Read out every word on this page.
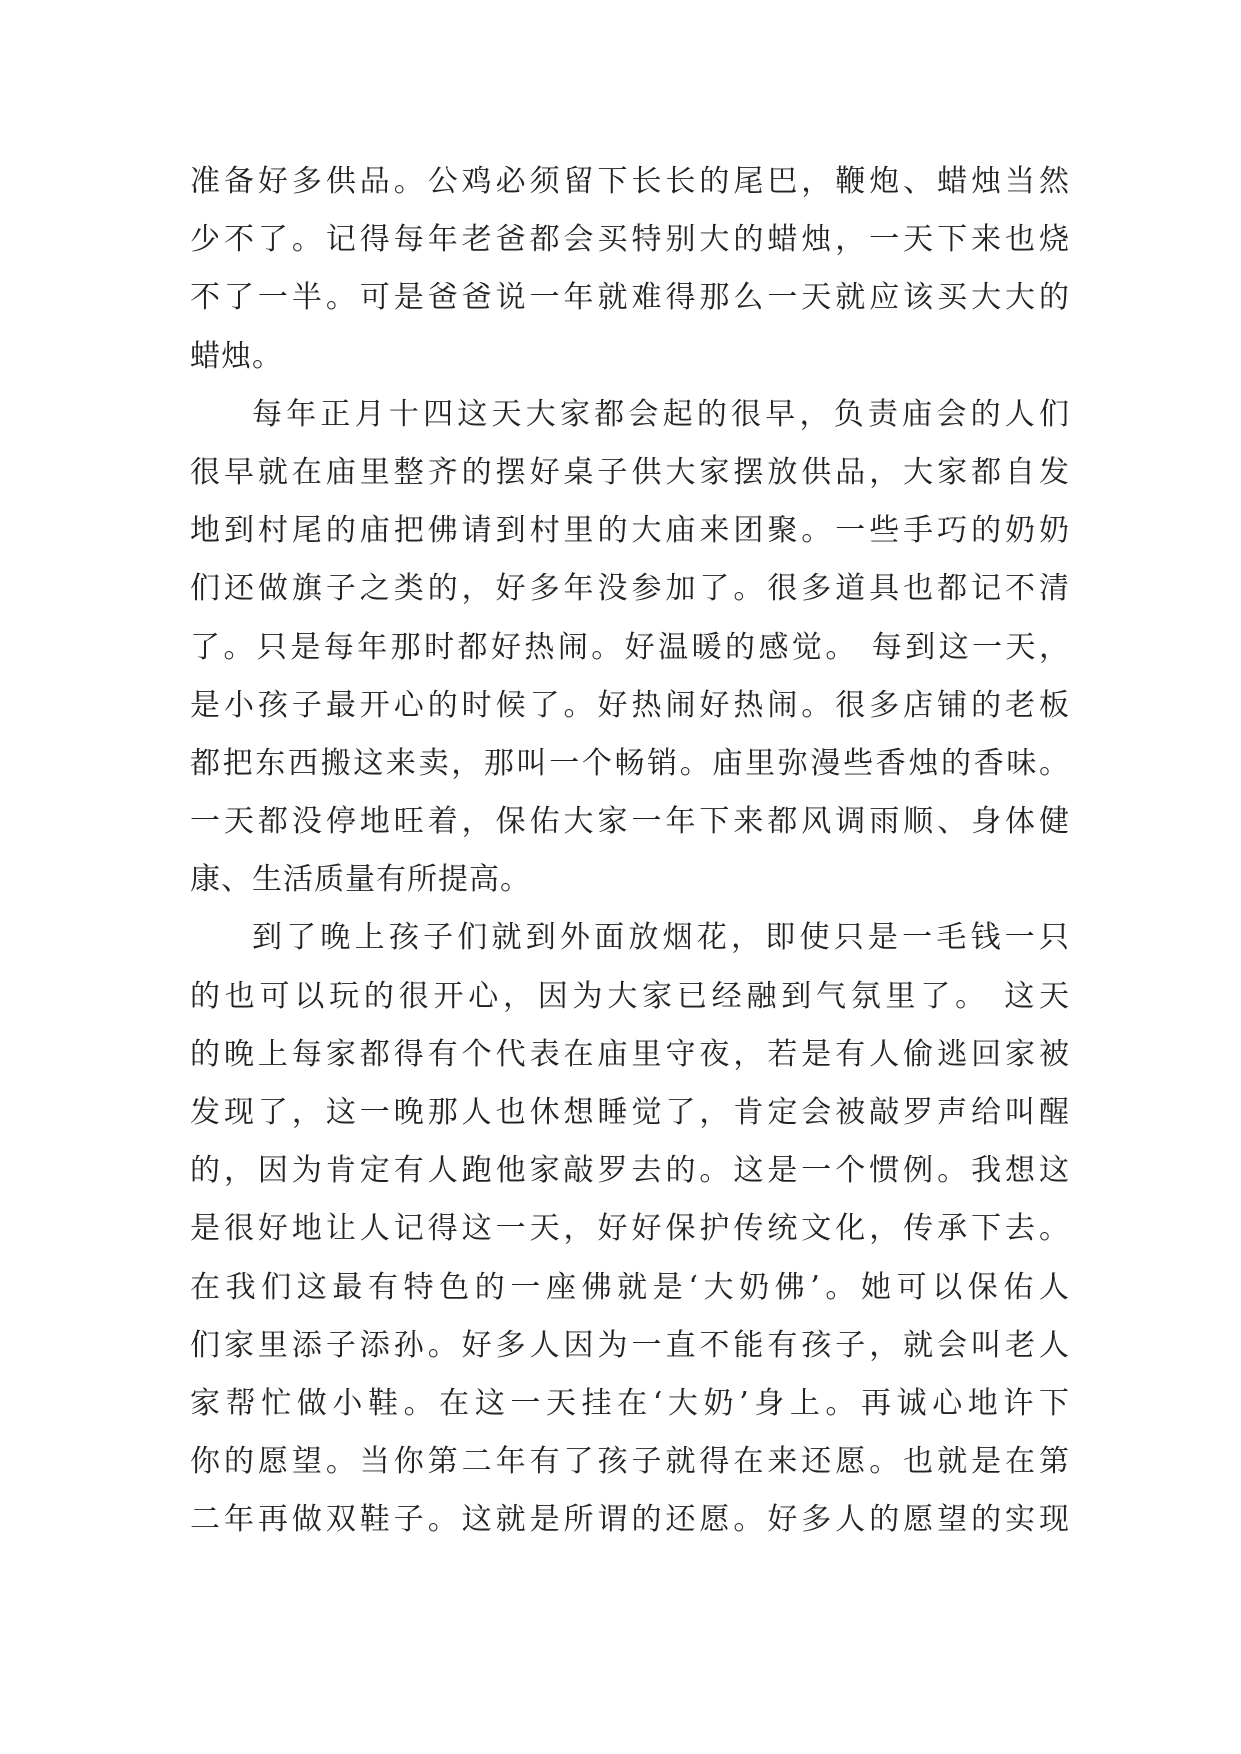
准备好多供品。公鸡必须留下长长的尾巴，鞭炮、蜡烛当然
少不了。记得每年老爸都会买特别大的蜡烛，一天下来也烧
不了一半。可是爸爸说一年就难得那么一天就应该买大大的
蜡烛。
每年正月十四这天大家都会起的很早，负责庙会的人们
很早就在庙里整齐的摆好桌子供大家摆放供品，大家都自发
地到村尾的庙把佛请到村里的大庙来团聚。一些手巧的奶奶
们还做旗子之类的，好多年没参加了。很多道具也都记不清
了。只是每年那时都好热闹。好温暖的感觉。 每到这一天，
是小孩子最开心的时候了。好热闹好热闹。很多店铺的老板
都把东西搬这来卖，那叫一个畅销。庙里弥漫些香烛的香味。
一天都没停地旺着，保佑大家一年下来都风调雨顺、身体健
康、生活质量有所提高。
到了晚上孩子们就到外面放烟花，即使只是一毛钱一只
的也可以玩的很开心，因为大家已经融到气氛里了。 这天
的晚上每家都得有个代表在庙里守夜，若是有人偷逃回家被
发现了，这一晚那人也休想睡觉了，肯定会被敲罗声给叫醒
的，因为肯定有人跑他家敲罗去的。这是一个惯例。我想这
是很好地让人记得这一天，好好保护传统文化，传承下去。
在我们这最有特色的一座佛就是‘大奶佛’。她可以保佑人
们家里添子添孙。好多人因为一直不能有孩子，就会叫老人
家帮忙做小鞋。在这一天挂在‘大奶’身上。再诚心地许下
你的愿望。当你第二年有了孩子就得在来还愿。也就是在第
二年再做双鞋子。这就是所谓的还愿。好多人的愿望的实现
